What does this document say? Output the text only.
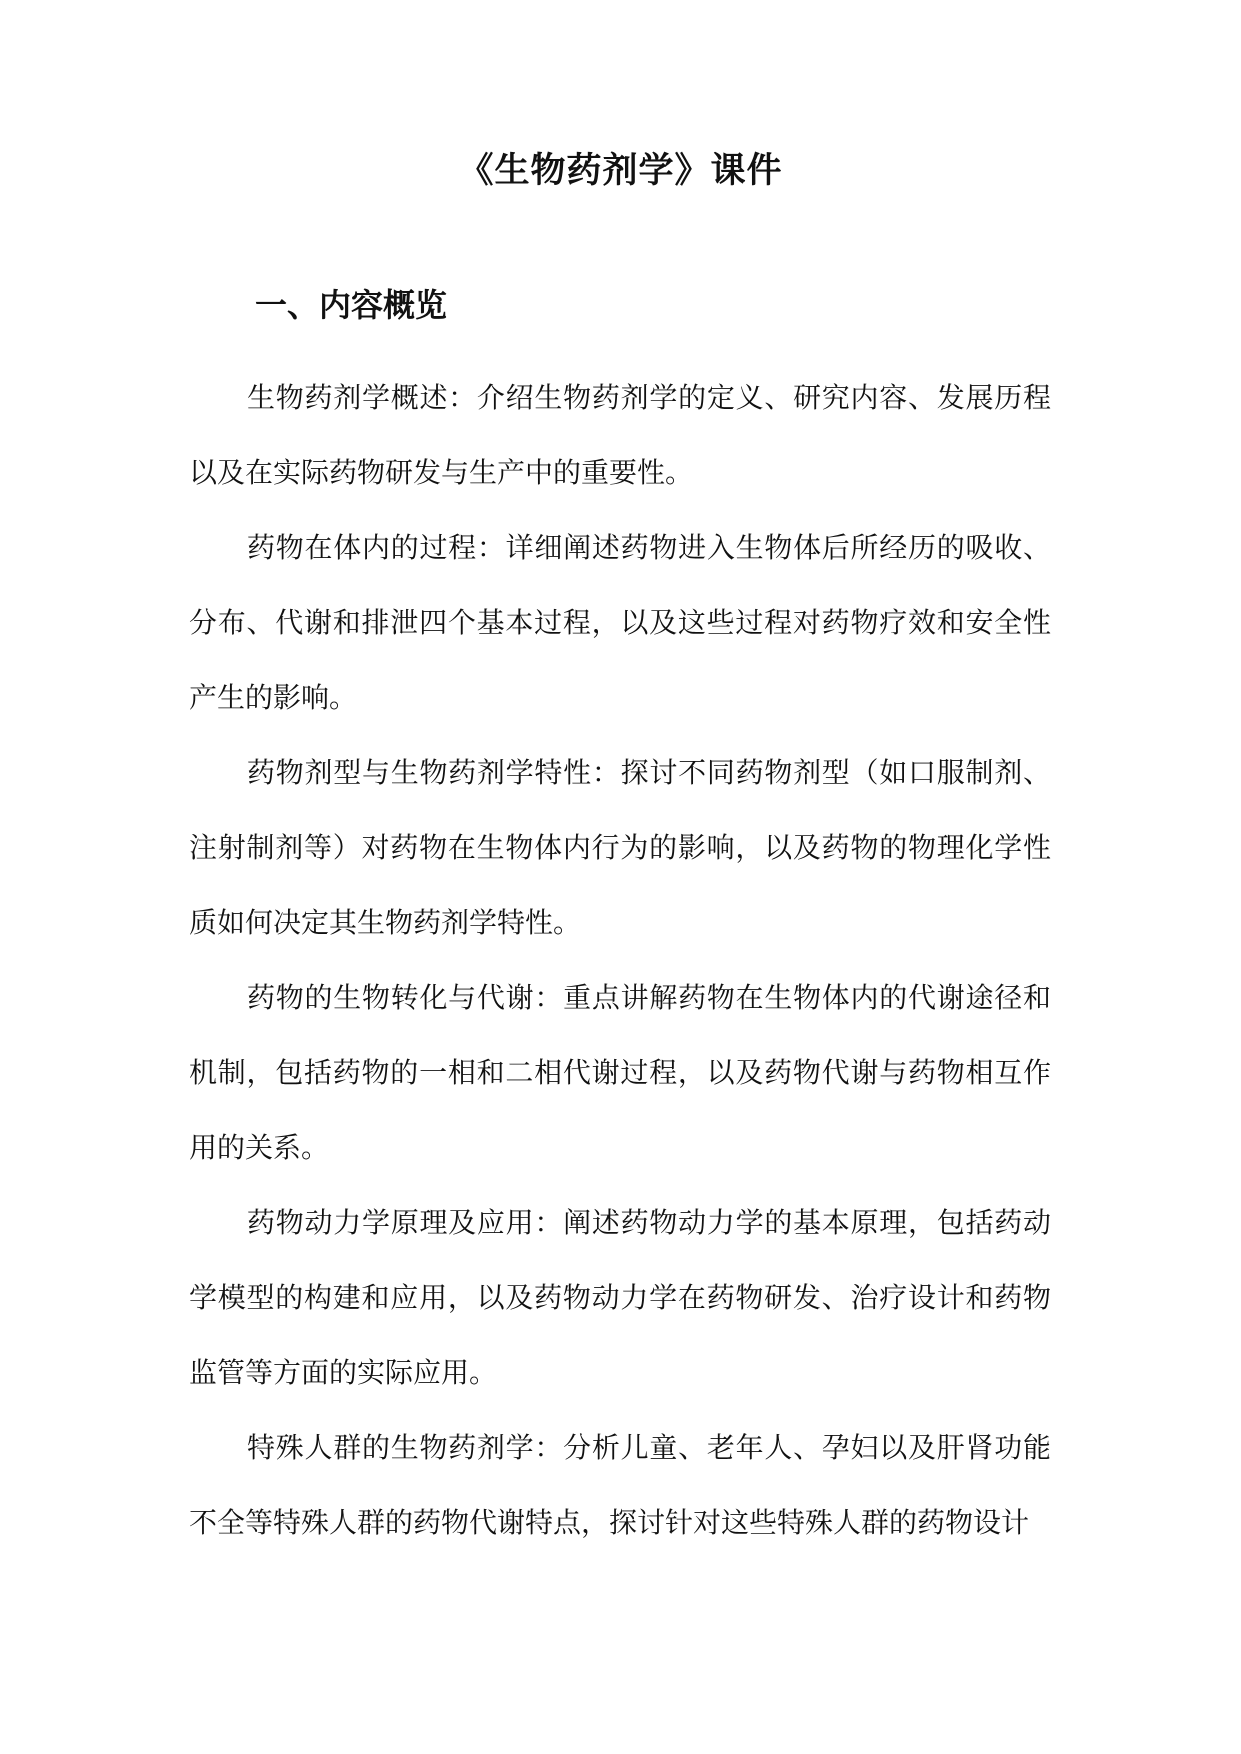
《生物药剂学》课件
一、内容概览

生物药剂学概述：介绍生物药剂学的定义、研究内容、发展历程以及在实际药物研发与生产中的重要性。

药物在体内的过程：详细阐述药物进入生物体后所经历的吸收、分布、代谢和排泄四个基本过程，以及这些过程对药物疗效和安全性产生的影响。

药物剂型与生物药剂学特性：探讨不同药物剂型（如口服制剂、注射制剂等）对药物在生物体内行为的影响，以及药物的物理化学性质如何决定其生物药剂学特性。

药物的生物转化与代谢：重点讲解药物在生物体内的代谢途径和机制，包括药物的一相和二相代谢过程，以及药物代谢与药物相互作用的关系。

药物动力学原理及应用：阐述药物动力学的基本原理，包括药动学模型的构建和应用，以及药物动力学在药物研发、治疗设计和药物监管等方面的实际应用。

特殊人群的生物药剂学：分析儿童、老年人、孕妇以及肝肾功能不全等特殊人群的药物代谢特点，探讨针对这些特殊人群的药物设计
